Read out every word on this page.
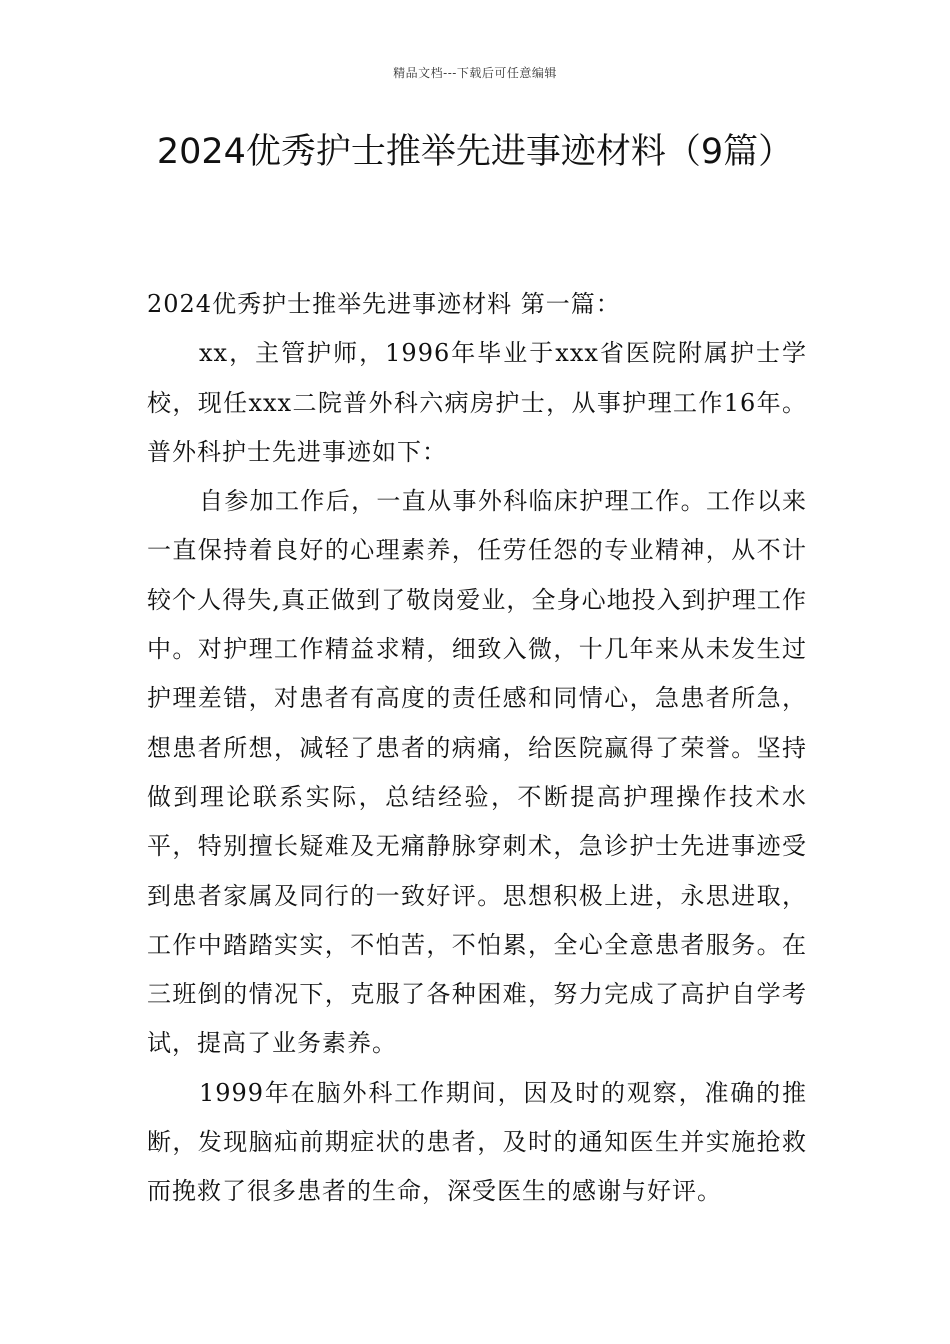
精品文档---下载后可任意编辑
2024优秀护士推举先进事迹材料（9篇）

2024优秀护士推举先进事迹材料 第一篇：

xx，主管护师，1996年毕业于xxx省医院附属护士学校，现任xxx二院普外科六病房护士，从事护理工作16年。普外科护士先进事迹如下：

自参加工作后，一直从事外科临床护理工作。工作以来一直保持着良好的心理素养，任劳任怨的专业精神，从不计较个人得失,真正做到了敬岗爱业，全身心地投入到护理工作中。对护理工作精益求精，细致入微，十几年来从未发生过护理差错，对患者有高度的责任感和同情心，急患者所急，想患者所想，减轻了患者的病痛，给医院赢得了荣誉。坚持做到理论联系实际，总结经验，不断提高护理操作技术水平，特别擅长疑难及无痛静脉穿刺术，急诊护士先进事迹受到患者家属及同行的一致好评。思想积极上进，永思进取，工作中踏踏实实，不怕苦，不怕累，全心全意患者服务。在三班倒的情况下，克服了各种困难，努力完成了高护自学考试，提高了业务素养。

1999年在脑外科工作期间，因及时的观察，准确的推断，发现脑疝前期症状的患者，及时的通知医生并实施抢救而挽救了很多患者的生命，深受医生的感谢与好评。
